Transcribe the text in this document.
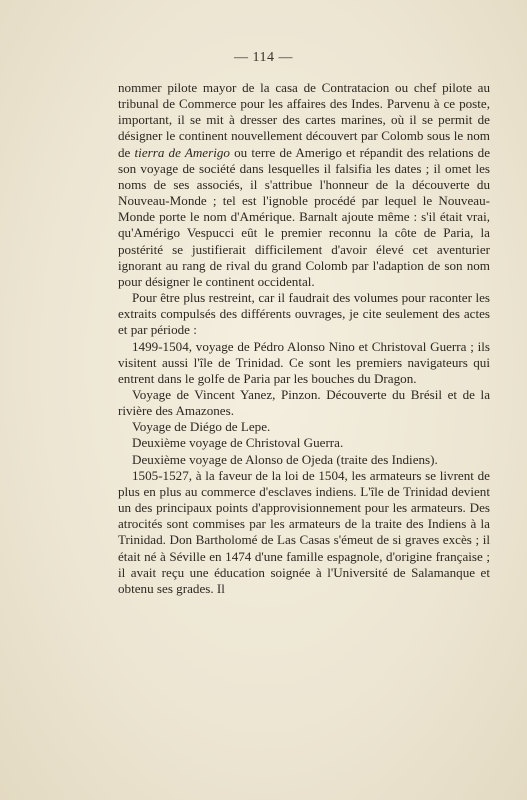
— 114 —

nommer pilote mayor de la casa de Contratacion ou chef pilote au tribunal de Commerce pour les affaires des Indes. Parvenu à ce poste, important, il se mit à dresser des cartes marines, où il se permit de désigner le continent nouvellement découvert par Colomb sous le nom de tierra de Amerigo ou terre de Amerigo et répandit des relations de son voyage de société dans lesquelles il falsifia les dates ; il omet les noms de ses associés, il s'attribue l'honneur de la découverte du Nouveau-Monde ; tel est l'ignoble procédé par lequel le Nouveau-Monde porte le nom d'Amérique. Barnalt ajoute même : s'il était vrai, qu'Amérigo Vespucci eût le premier reconnu la côte de Paria, la postérité se justifierait difficilement d'avoir élevé cet aventurier ignorant au rang de rival du grand Colomb par l'adaption de son nom pour désigner le continent occidental.

Pour être plus restreint, car il faudrait des volumes pour raconter les extraits compulsés des différents ouvrages, je cite seulement des actes et par période :

1499-1504, voyage de Pédro Alonso Nino et Christoval Guerra ; ils visitent aussi l'île de Trinidad. Ce sont les premiers navigateurs qui entrent dans le golfe de Paria par les bouches du Dragon.

Voyage de Vincent Yanez, Pinzon. Découverte du Brésil et de la rivière des Amazones.

Voyage de Diégo de Lepe.

Deuxième voyage de Christoval Guerra.

Deuxième voyage de Alonso de Ojeda (traite des Indiens).

1505-1527, à la faveur de la loi de 1504, les armateurs se livrent de plus en plus au commerce d'esclaves indiens. L'île de Trinidad devient un des principaux points d'approvisionnement pour les armateurs. Des atrocités sont commises par les armateurs de la traite des Indiens à la Trinidad. Don Bartholomé de Las Casas s'émeut de si graves excès ; il était né à Séville en 1474 d'une famille espagnole, d'origine française ; il avait reçu une éducation soignée à l'Université de Salamanque et obtenu ses grades. Il
